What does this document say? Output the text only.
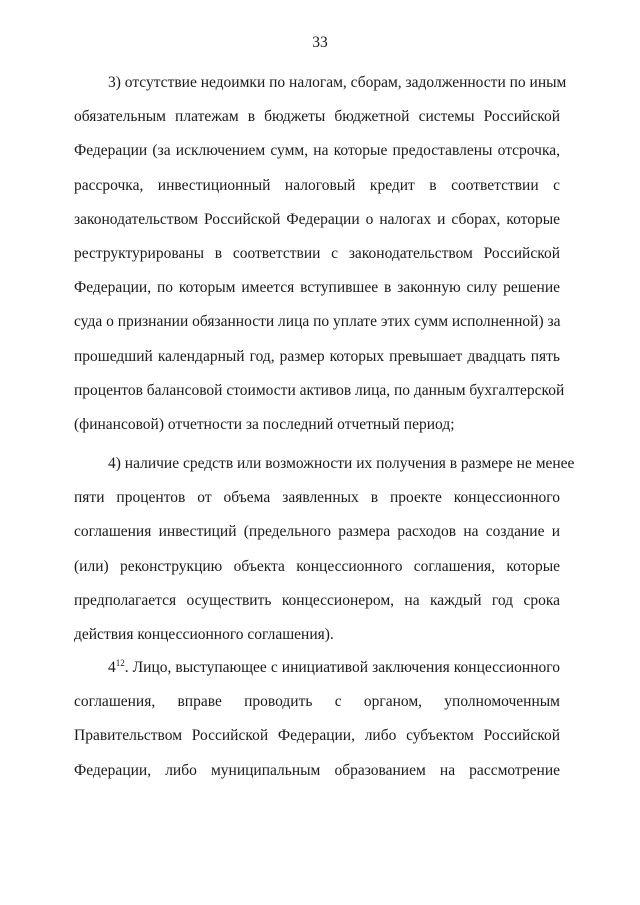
33
3) отсутствие недоимки по налогам, сборам, задолженности по иным
обязательным платежам в бюджеты бюджетной системы Российской
Федерации (за исключением сумм, на которые предоставлены отсрочка,
рассрочка, инвестиционный налоговый кредит в соответствии с
законодательством Российской Федерации о налогах и сборах, которые
реструктурированы в соответствии с законодательством Российской
Федерации, по которым имеется вступившее в законную силу решение
суда о признании обязанности лица по уплате этих сумм исполненной) за
прошедший календарный год, размер которых превышает двадцать пять
процентов балансовой стоимости активов лица, по данным бухгалтерской
(финансовой) отчетности за последний отчетный период;
4) наличие средств или возможности их получения в размере не менее
пяти процентов от объема заявленных в проекте концессионного
соглашения инвестиций (предельного размера расходов на создание и
(или) реконструкцию объекта концессионного соглашения, которые
предполагается осуществить концессионером, на каждый год срока
действия концессионного соглашения).
$4^{12}$. Лицо, выступающее с инициативой заключения концессионного
соглашения, вправе проводить с органом, уполномоченным
Правительством Российской Федерации, либо субъектом Российской
Федерации, либо муниципальным образованием на рассмотрение
